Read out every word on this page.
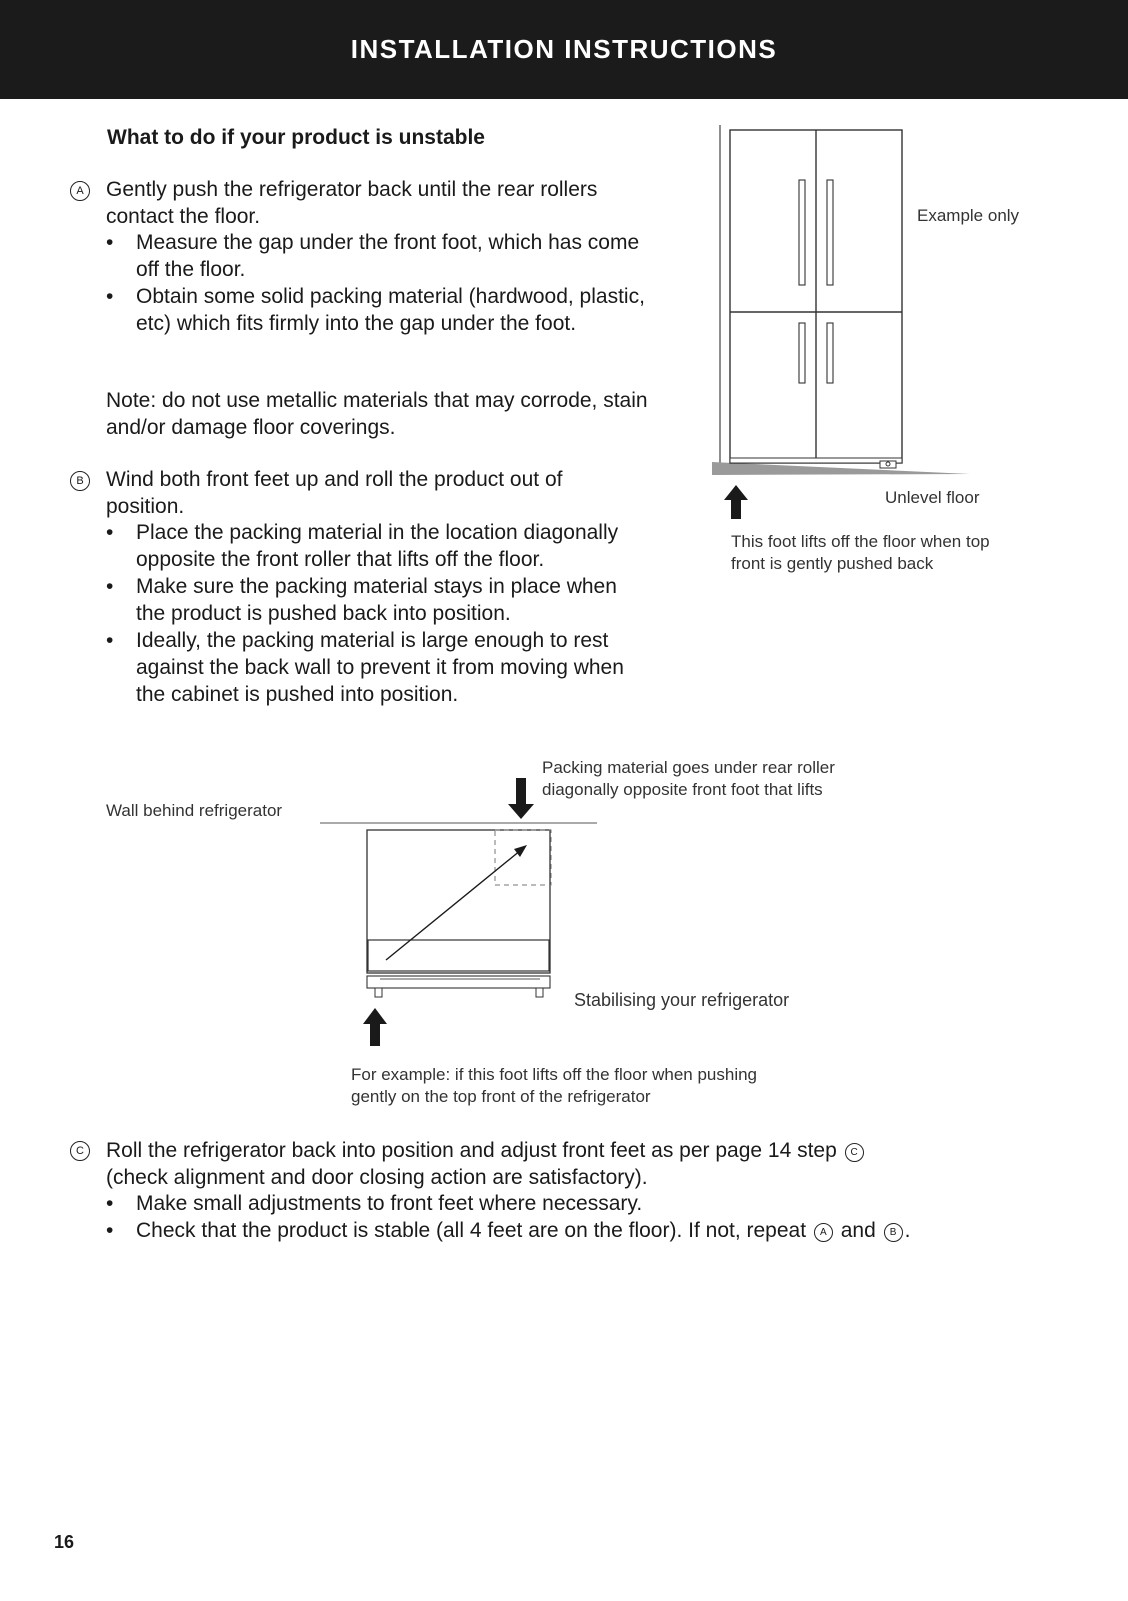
INSTALLATION INSTRUCTIONS
What to do if your product is unstable
A	Gently push the refrigerator back until the rear rollers contact the floor.

• Measure the gap under the front foot, which has come off the floor.
• Obtain some solid packing material (hardwood, plastic, etc) which fits firmly into the gap under the foot.

Note: do not use metallic materials that may corrode, stain and/or damage floor coverings.

B	Wind both front feet up and roll the product out of position.

• Place the packing material in the location diagonally opposite the front roller that lifts off the floor.
• Make sure the packing material stays in place when the product is pushed back into position.
• Ideally, the packing material is large enough to rest against the back wall to prevent it from moving when the cabinet is pushed into position.
Example only
Unlevel floor
This foot lifts off the floor when top front is gently pushed back
Packing material goes under rear roller diagonally opposite front foot that lifts
Wall behind refrigerator
Stabilising your refrigerator
For example: if this foot lifts off the floor when pushing gently on the top front of the refrigerator
C Roll the refrigerator back into position and adjust front feet as per page 14 step C
(check alignment and door closing action are satisfactory).

• Make small adjustments to front feet where necessary.
• Check that the product is stable (all 4 feet are on the floor). If not, repeat A and B .
16
